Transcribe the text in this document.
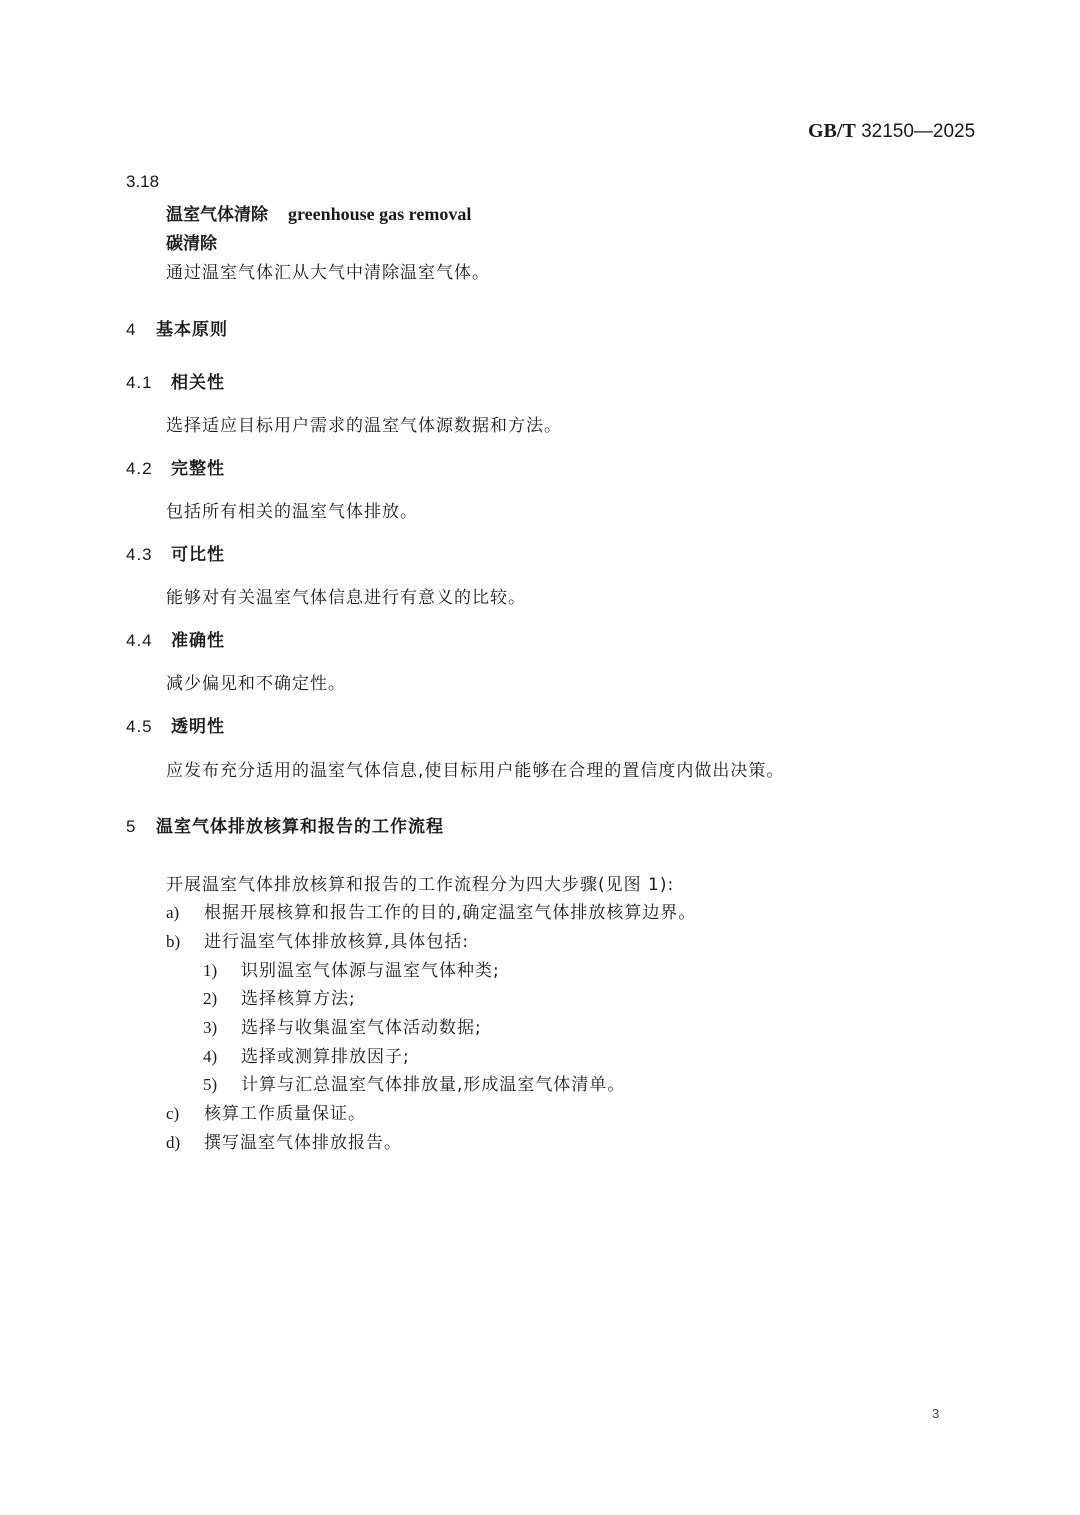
GB/T 32150—2025
3.18
温室气体清除 greenhouse gas removal
碳清除
通过温室气体汇从大气中清除温室气体。
4 基本原则
4.1 相关性
选择适应目标用户需求的温室气体源数据和方法。
4.2 完整性
包括所有相关的温室气体排放。
4.3 可比性
能够对有关温室气体信息进行有意义的比较。
4.4 准确性
减少偏见和不确定性。
4.5 透明性
应发布充分适用的温室气体信息,使目标用户能够在合理的置信度内做出决策。
5 温室气体排放核算和报告的工作流程
开展温室气体排放核算和报告的工作流程分为四大步骤(见图 1):
a) 根据开展核算和报告工作的目的,确定温室气体排放核算边界。
b) 进行温室气体排放核算,具体包括:
1) 识别温室气体源与温室气体种类;
2) 选择核算方法;
3) 选择与收集温室气体活动数据;
4) 选择或测算排放因子;
5) 计算与汇总温室气体排放量,形成温室气体清单。
c) 核算工作质量保证。
d) 撰写温室气体排放报告。
3
